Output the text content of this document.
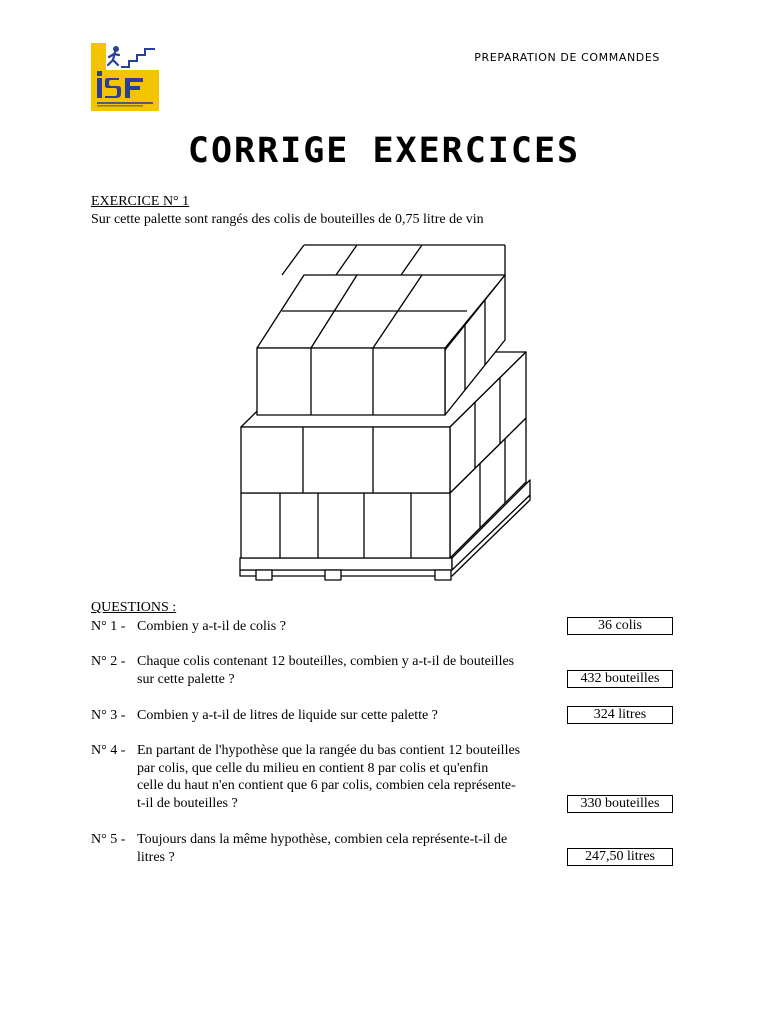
PREPARATION DE COMMANDES
CORRIGE EXERCICES
EXERCICE N° 1
Sur cette palette sont rangés des colis de bouteilles de 0,75 litre de vin
QUESTIONS :
N° 1 - Combien y a-t-il de colis ?	36 colis
N° 2 - Chaque colis contenant 12 bouteilles, combien y a-t-il de bouteilles
sur cette palette ?	432 bouteilles
N° 3 - Combien y a-t-il de litres de liquide sur cette palette ?	324 litres
N° 4 - En partant de l'hypothèse que la rangée du bas contient 12 bouteilles
par colis, que celle du milieu en contient 8 par colis et qu'enfin
celle du haut n'en contient que 6 par colis, combien cela représente-
t-il de bouteilles ?	330 bouteilles
N° 5 - Toujours dans la même hypothèse, combien cela représente-t-il de
litres ?	247,50 litres
